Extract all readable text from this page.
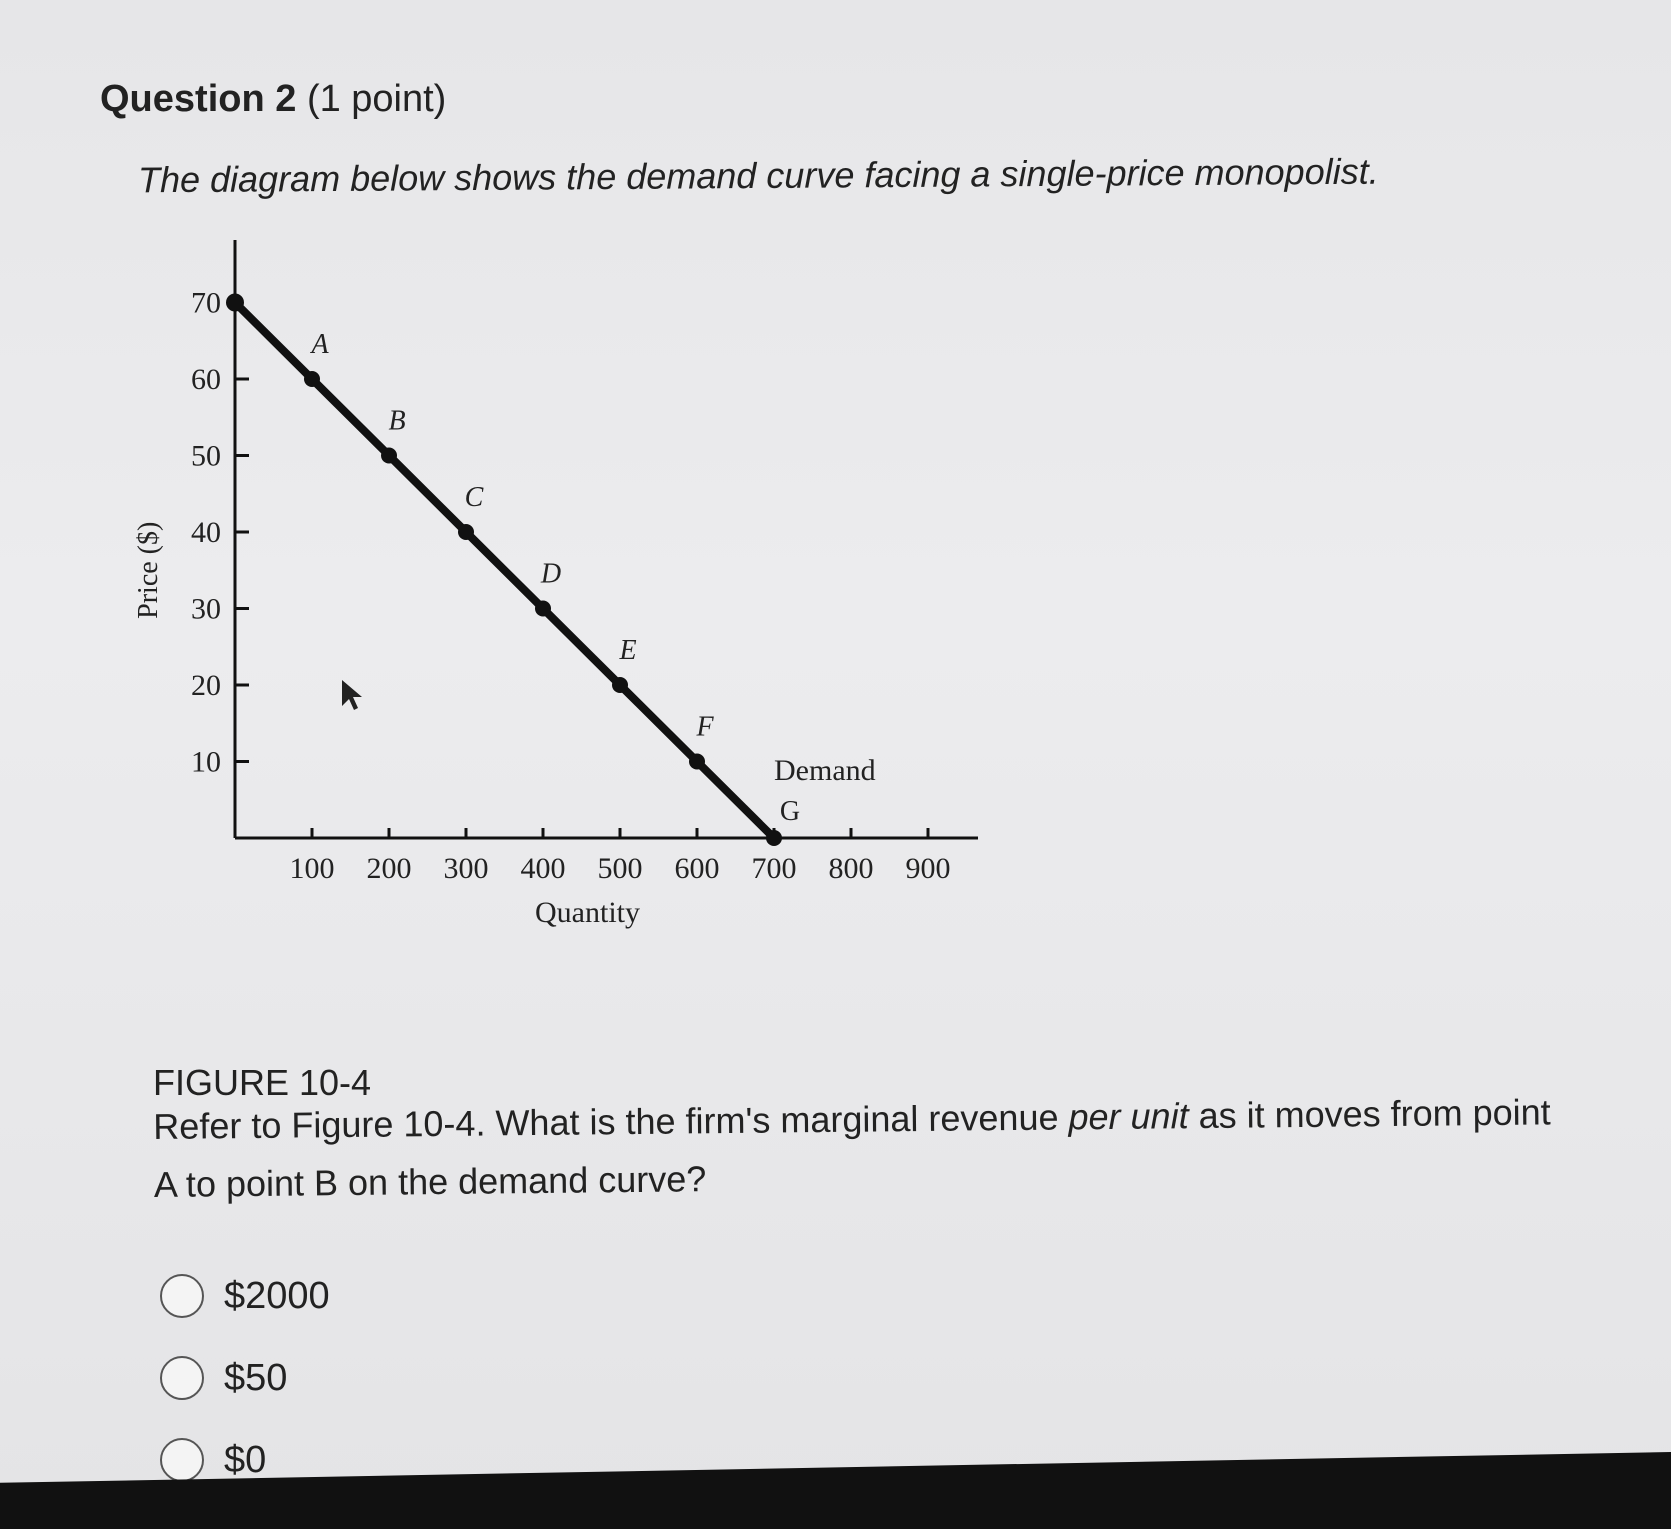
Question 2 (1 point)
The diagram below shows the demand curve facing a single-price monopolist.
10
20
30
40
50
60
70
100 200 300 400 500 600 700 800 900
Quantity
Price ($)
A
B
C
D
E
F
G
Demand
FIGURE 10-4
Refer to Figure 10-4. What is the firm's marginal revenue per unit as it moves from point A to point B on the demand curve?
$2000
$50
$0
